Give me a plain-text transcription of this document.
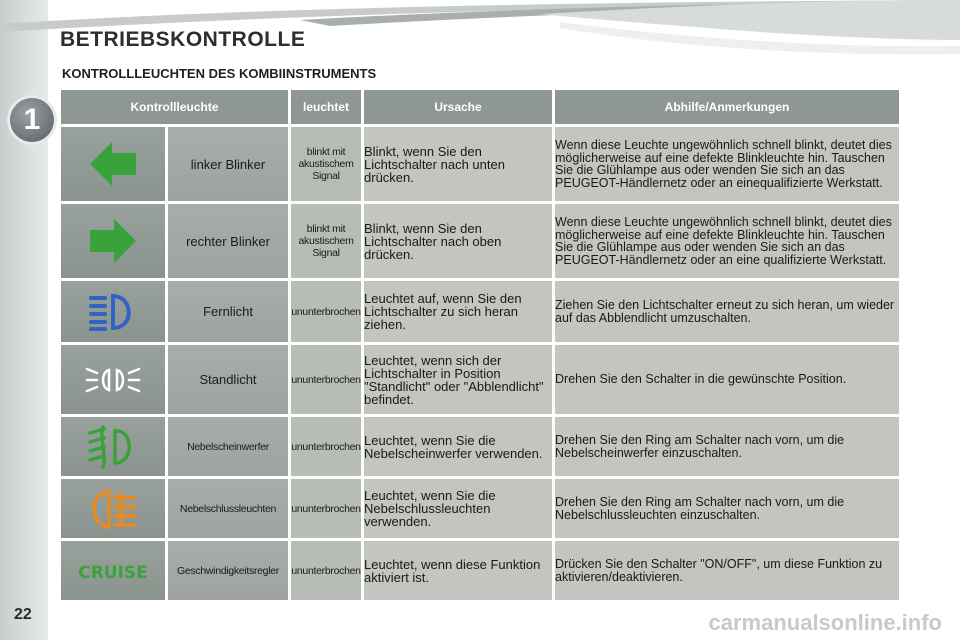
BETRIEBSKONTROLLE
1
KONTROLLLEUCHTEN DES KOMBIINSTRUMENTS
Kontrollleuchte		leuchtet	Ursache	Abhilfe/Anmerkungen
	linker Blinker	blinkt mit akustischem Signal	Blinkt, wenn Sie den Lichtschalter nach unten drücken.	Wenn diese Leuchte ungewöhnlich schnell blinkt, deutet dies möglicherweise auf eine defekte Blinkleuchte hin. Tauschen Sie die Glühlampe aus oder wenden Sie sich an das PEUGEOT-Händlernetz oder an einequalifizierte Werkstatt.
	rechter Blinker	blinkt mit akustischem Signal	Blinkt, wenn Sie den Lichtschalter nach oben drücken.	Wenn diese Leuchte ungewöhnlich schnell blinkt, deutet dies möglicherweise auf eine defekte Blinkleuchte hin. Tauschen Sie die Glühlampe aus oder wenden Sie sich an das PEUGEOT-Händlernetz oder an eine qualifizierte Werkstatt.
	Fernlicht	ununterbrochen	Leuchtet auf, wenn Sie den Lichtschalter zu sich heran ziehen.	Ziehen Sie den Lichtschalter erneut zu sich heran, um wieder auf das Abblendlicht umzuschalten.
	Standlicht	ununterbrochen	Leuchtet, wenn sich der Lichtschalter in Position "Standlicht" oder "Abblendlicht" befindet.	Drehen Sie den Schalter in die gewünschte Position.
	Nebelscheinwerfer	ununterbrochen	Leuchtet, wenn Sie die Nebelscheinwerfer verwenden.	Drehen Sie den Ring am Schalter nach vorn, um die Nebelscheinwerfer einzuschalten.
	Nebelschlussleuchten	ununterbrochen	Leuchtet, wenn Sie die Nebelschlussleuchten verwenden.	Drehen Sie den Ring am Schalter nach vorn, um die Nebelschlussleuchten einzuschalten.

CRUISE	Geschwindigkeitsregler	ununterbrochen	Leuchtet, wenn diese Funktion aktiviert ist.	Drücken Sie den Schalter "ON/OFF", um diese Funktion zu aktivieren/deaktivieren.
22	carmanualsonline.info
